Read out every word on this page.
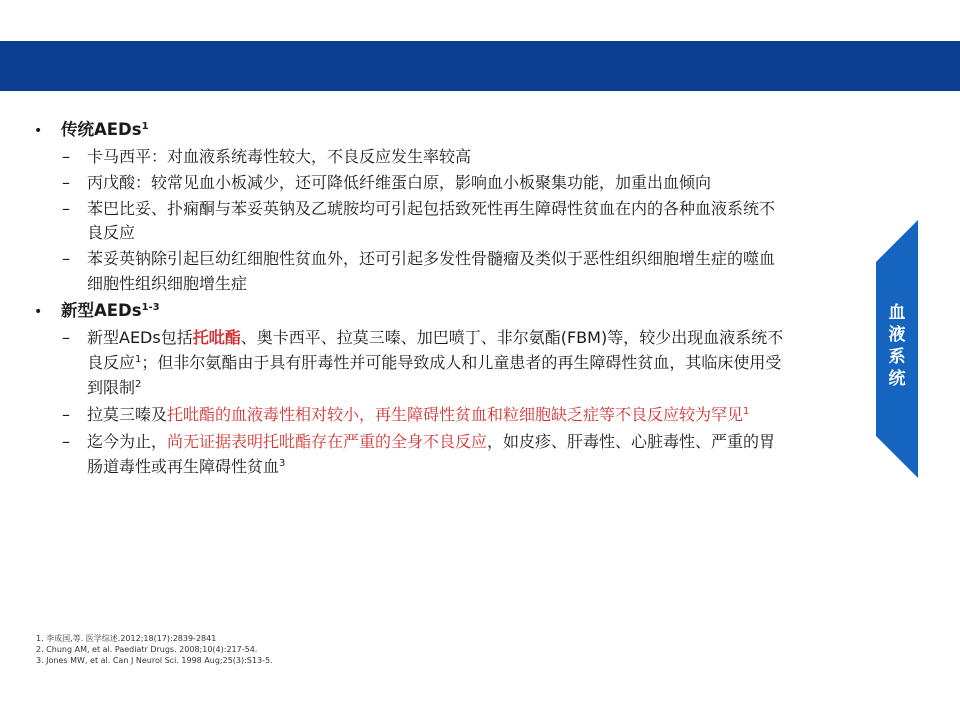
• 传统AEDs$^1$
– 卡马西平：对血液系统毒性较大，不良反应发生率较高
– 丙戊酸：较常见血小板减少，还可降低纤维蛋白原，影响血小板聚集功能，加重出血倾向
– 苯巴比妥、扑痫酮与苯妥英钠及乙琥胺均可引起包括致死性再生障碍性贫血在内的各种血液系统不
良反应
– 苯妥英钠除引起巨幼红细胞性贫血外，还可引起多发性骨髓瘤及类似于恶性组织细胞增生症的噬血
细胞性组织细胞增生症
• 新型AEDs$^{1-3}$
– 新型AEDs包括托吡酯、奥卡西平、拉莫三嗪、加巴喷丁、非尔氨酯(FBM)等，较少出现血液系统不
良反应$^1$；但非尔氨酯由于具有肝毒性并可能导致成人和儿童患者的再生障碍性贫血，其临床使用受
到限制$^2$
– 拉莫三嗪及托吡酯的血液毒性相对较小，再生障碍性贫血和粒细胞缺乏症等不良反应较为罕见$^1$
– 迄今为止，尚无证据表明托吡酯存在严重的全身不良反应，如皮疹、肝毒性、心脏毒性、严重的胃
肠道毒性或再生障碍性贫血$^3$
血
液
系
统
1. 李成国,等. 医学综述.2012;18(17):2839-2841
2. Chung AM, et al. Paediatr Drugs. 2008;10(4):217-54.
3. Jones MW, et al. Can J Neurol Sci. 1998 Aug;25(3):S13-5.
